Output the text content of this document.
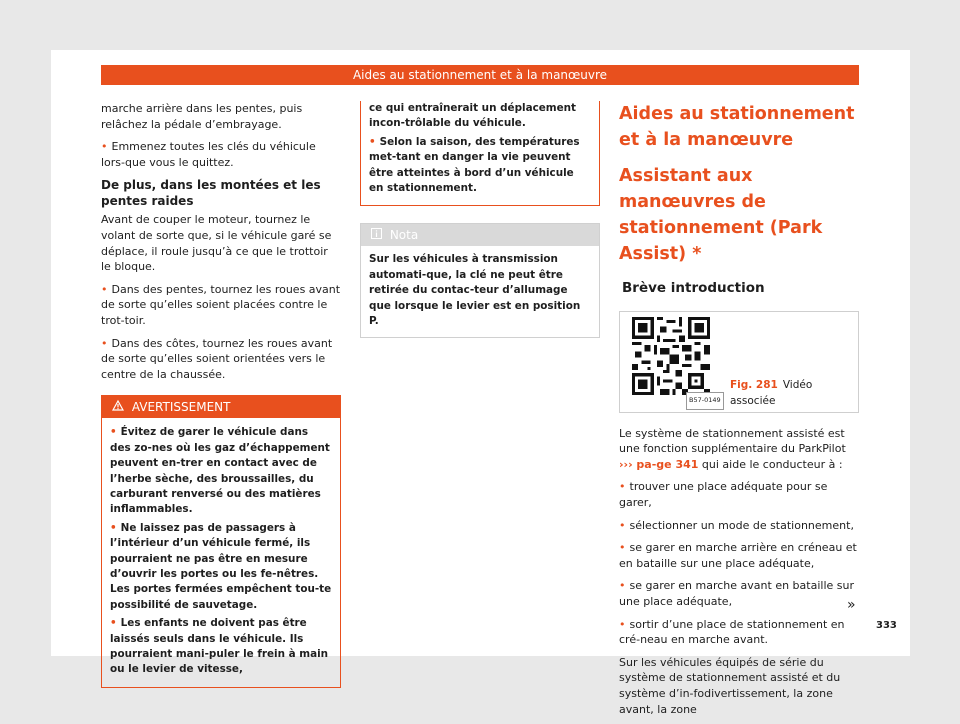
Aides au stationnement et à la manœuvre

marche arrière dans les pentes, puis relâchez la pédale d’embrayage.

• Emmenez toutes les clés du véhicule lors-que vous le quittez.

De plus, dans les montées et les pentes raides

Avant de couper le moteur, tournez le volant de sorte que, si le véhicule garé se déplace, il roule jusqu’à ce que le trottoir le bloque.

• Dans des pentes, tournez les roues avant de sorte qu’elles soient placées contre le trot-toir.

• Dans des côtes, tournez les roues avant de sorte qu’elles soient orientées vers le centre de la chaussée.

AVERTISSEMENT

• Évitez de garer le véhicule dans des zo-nes où les gaz d’échappement peuvent en-trer en contact avec de l’herbe sèche, des broussailles, du carburant renversé ou des matières inflammables.

• Ne laissez pas de passagers à l’intérieur d’un véhicule fermé, ils pourraient ne pas être en mesure d’ouvrir les portes ou les fe-nêtres. Les portes fermées empêchent tou-te possibilité de sauvetage.

• Les enfants ne doivent pas être laissés seuls dans le véhicule. Ils pourraient mani-puler le frein à main ou le levier de vitesse,

ce qui entraînerait un déplacement incon-trôlable du véhicule.

• Selon la saison, des températures met-tant en danger la vie peuvent être atteintes à bord d’un véhicule en stationnement.

Nota
Sur les véhicules à transmission automati-que, la clé ne peut être retirée du contac-teur d’allumage que lorsque le levier est en position P.
Aides au stationnement et à la manœuvre
Assistant aux manœuvres de stationnement (Park Assist) *
Brève introduction
B57-0149
Fig. 281 Vidéo associée

Le système de stationnement assisté est une fonction supplémentaire du ParkPilot ››› pa-ge 341 qui aide le conducteur à :

• trouver une place adéquate pour se garer,

• sélectionner un mode de stationnement,

• se garer en marche arrière en créneau et en bataille sur une place adéquate,

• se garer en marche avant en bataille sur une place adéquate,

• sortir d’une place de stationnement en cré-neau en marche avant.

Sur les véhicules équipés de série du système de stationnement assisté et du système d’in-fodivertissement, la zone avant, la zone

»
333
